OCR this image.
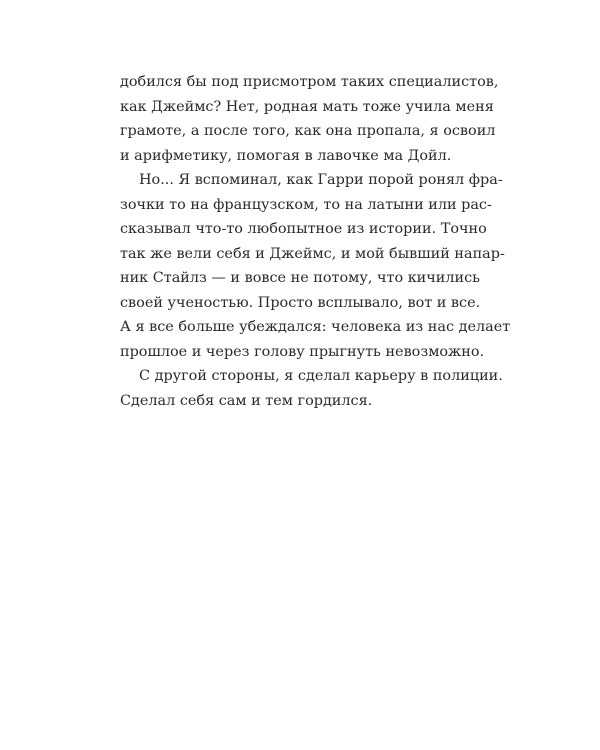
добился бы под присмотром таких специалистов,
как Джеймс? Нет, родная мать тоже учила меня
грамоте, а после того, как она пропала, я освоил
и арифметику, помогая в лавочке ма Дойл.

Но... Я вспоминал, как Гарри порой ронял фра-
зочки то на французском, то на латыни или рас-
сказывал что-то любопытное из истории. Точно
так же вели себя и Джеймс, и мой бывший напар-
ник Стайлз — и вовсе не потому, что кичились
своей ученостью. Просто всплывало, вот и все.
А я все больше убеждался: человека из нас делает
прошлое и через голову прыгнуть невозможно.

С другой стороны, я сделал карьеру в полиции.
Сделал себя сам и тем гордился.
